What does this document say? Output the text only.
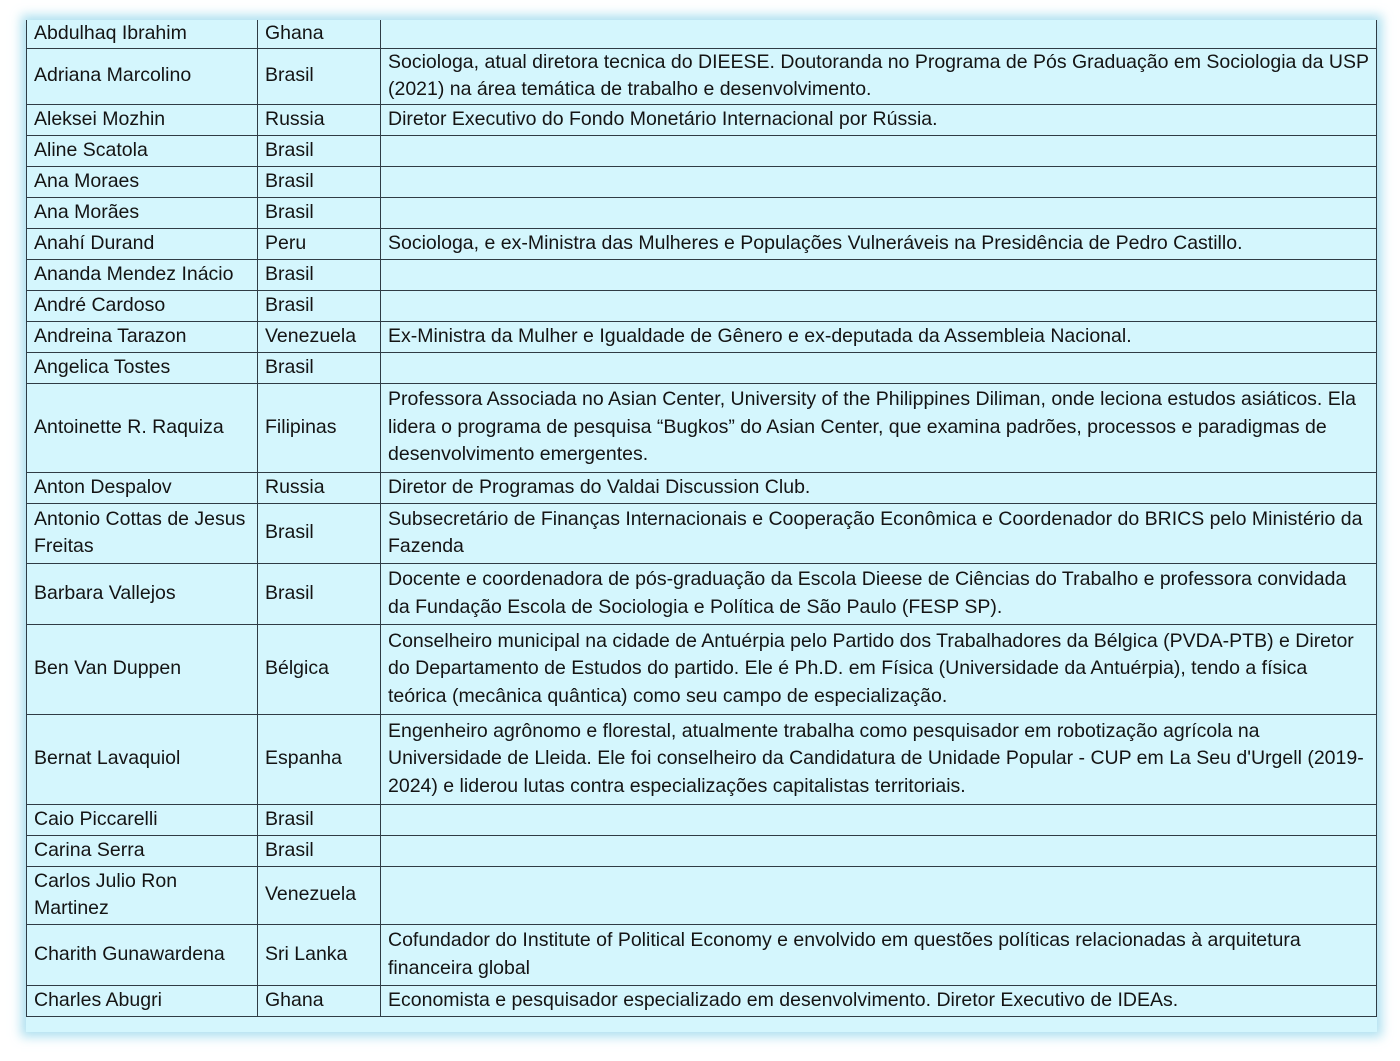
Abdulhaq Ibrahim	Ghana	
Adriana Marcolino	Brasil	Sociologa, atual diretora tecnica do DIEESE. Doutoranda no Programa de Pós Graduação em Sociologia da USP (2021) na área temática de trabalho e desenvolvimento.
Aleksei Mozhin	Russia	Diretor Executivo do Fondo Monetário Internacional por Rússia.
Aline Scatola	Brasil	
Ana Moraes	Brasil	
Ana Morães	Brasil	
Anahí Durand	Peru	Sociologa, e ex-Ministra das Mulheres e Populações Vulneráveis na Presidência de Pedro Castillo.
Ananda Mendez Inácio	Brasil	
André Cardoso	Brasil	
Andreina Tarazon	Venezuela	Ex-Ministra da Mulher e Igualdade de Gênero e ex-deputada da Assembleia Nacional.
Angelica Tostes	Brasil	
Antoinette R. Raquiza	Filipinas	Professora Associada no Asian Center, University of the Philippines Diliman, onde leciona estudos asiáticos. Ela lidera o programa de pesquisa “Bugkos” do Asian Center, que examina padrões, processos e paradigmas de desenvolvimento emergentes.
Anton Despalov	Russia	Diretor de Programas do Valdai Discussion Club.
Antonio Cottas de Jesus Freitas	Brasil	Subsecretário de Finanças Internacionais e Cooperação Econômica e Coordenador do BRICS pelo Ministério da Fazenda
Barbara Vallejos	Brasil	Docente e coordenadora de pós-graduação da Escola Dieese de Ciências do Trabalho e professora convidada da Fundação Escola de Sociologia e Política de São Paulo (FESP SP).
Ben Van Duppen	Bélgica	Conselheiro municipal na cidade de Antuérpia pelo Partido dos Trabalhadores da Bélgica (PVDA-PTB) e Diretor do Departamento de Estudos do partido. Ele é Ph.D. em Física (Universidade da Antuérpia), tendo a física teórica (mecânica quântica) como seu campo de especialização.
Bernat Lavaquiol	Espanha	Engenheiro agrônomo e florestal, atualmente trabalha como pesquisador em robotização agrícola na Universidade de Lleida. Ele foi conselheiro da Candidatura de Unidade Popular - CUP em La Seu d'Urgell (2019-2024) e liderou lutas contra especializações capitalistas territoriais.
Caio Piccarelli	Brasil	
Carina Serra	Brasil	
Carlos Julio Ron Martinez	Venezuela	
Charith Gunawardena	Sri Lanka	Cofundador do Institute of Political Economy e envolvido em questões políticas relacionadas à arquitetura financeira global
Charles Abugri	Ghana	Economista e pesquisador especializado em desenvolvimento. Diretor Executivo de IDEAs.
